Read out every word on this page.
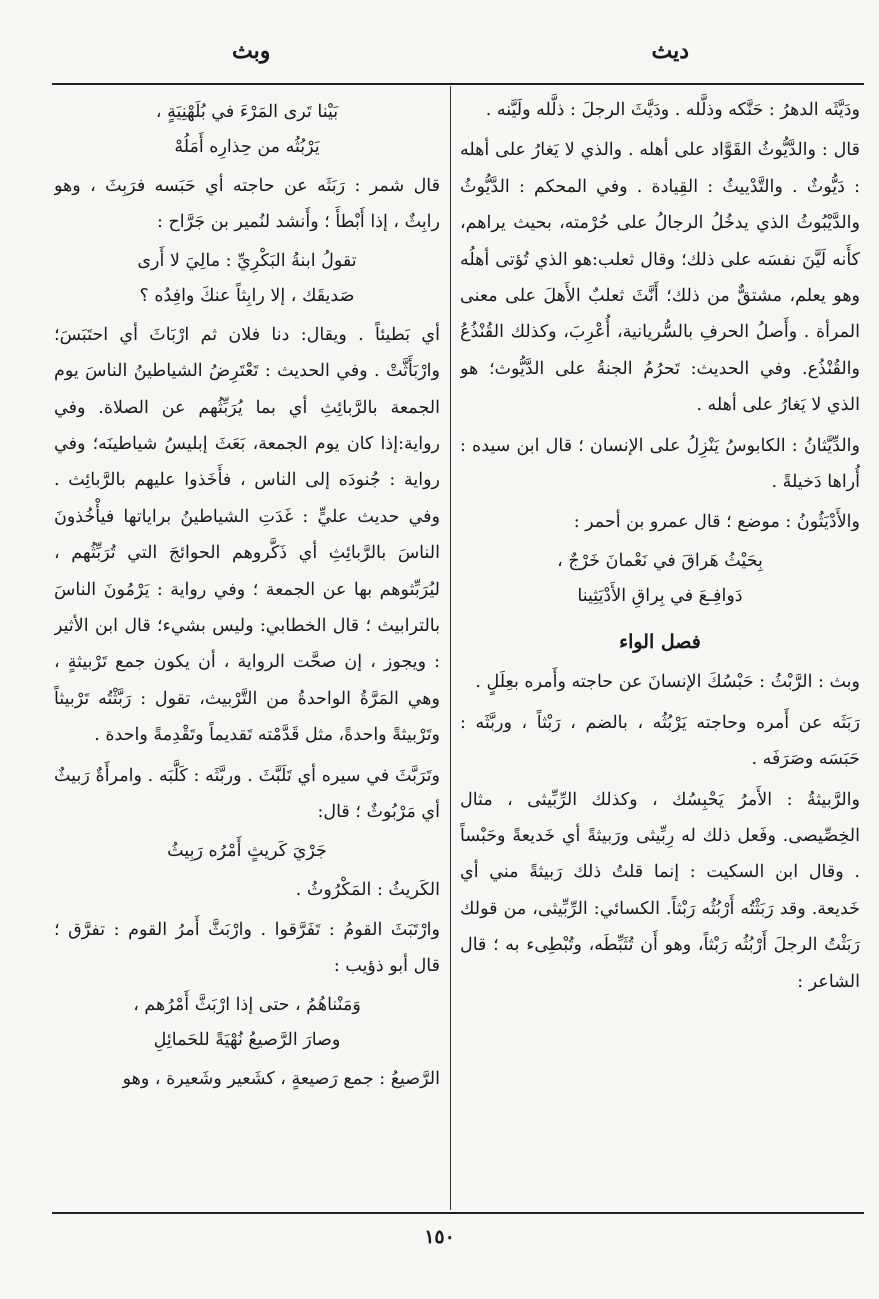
ديث
وبث

ودَيَّثَه الدهرُ : حَنَّكه وذلَّله . ودَيَّثَ الرجلَ : ذلَّله ولَيَّنه .

قال : والدَّيُّوثُ القَوَّاد على أهله . والذي لا يَغارُ على أهله : دَيُّوثٌ . والتَّدْييثُ : القِيادة . وفي المحكم : الدَّيُّوثُ والدَّيْبُوثُ الذي يدخُلُ الرجالُ على حُرْمته، بحيث يراهم، كأَنه لَيَّنَ نفسَه على ذلك؛ وقال ثعلب:هو الذي تُؤتى أهلُه وهو يعلم، مشتقٌّ من ذلك؛ أَنَّثَ ثعلبٌ الأَهلَ على معنى المرأة . وأَصلُ الحرفِ بالسُّريانية، أُعْرِبَ، وكذلك القُنْذُعُ والقُنْذُع. وفي الحديث: تَحرُمُ الجنةُ على الدَّيُّوث؛ هو الذي لا يَغارُ على أهله .

والدِّيَّثانُ : الكابوسُ يَنْزِلُ على الإنسان ؛ قال ابن سيده : أُراها دَخيلةً .

والأَدْيَثُونُ : موضع ؛ قال عمرو بن أحمر :

بِحَيْثُ هَراقَ في نَعْمانَ خَرْجٌ ،
دَوافِـعَ في بِراقِ الأَدْيَثِينا
فصل الواء

وبث : الرَّبْثُ : حَبْسُكَ الإنسانَ عن حاجته وأَمره بعِلَلٍ .

رَبَثَه عن أَمره وحاجته يَرْبُثُه ، بالضم ، رَبْثاً ، وربَّثَه : حَبَسَه وصَرَفَه .

والرَّبيثةُ : الأَمرُ يَحْبِسُك ، وكذلك الرِّبِّيثى ، مثال الخِصِّيصى. وفَعل ذلك له رِبِّيثى ورَبيثةً أي خَديعةً وحَبْساً . وقال ابن السكيت : إنما قلتُ ذلك رَبيثةً مني أي خَديعة. وقد رَبَثْتُه أَرْبُثُه رَبْثاً. الكسائي: الرِّبِّيثى، من قولك رَبَثْتُ الرجلَ أَرْبُثُه رَبْثاً، وهو أَن تُثَبِّطَه، وتُبْطِىء به ؛ قال الشاعر :

بَيْنا تَرى المَرْءَ في بُلَهْنِيَةٍ ،
يَرْبُثُه من حِذارِه أَمَلُهْ

قال شمر : رَبَثَه عن حاجته أي حَبَسه فرَبِثَ ، وهو رابِثٌ ، إذا أَبْطأَ ؛ وأَنشد لنُمير بن جَرَّاح :

تقولُ ابنةُ البَكْرِيِّ : مالِيَ لا أَرى
صَديقَك ، إلا رابِثاً عنكَ وافِدُه ؟

أي بَطيئاً . ويقال: دنا فلان ثم ارْبَاثَ أي احتَبَسَ؛ وارْبَأَثَّتْ . وفي الحديث : تَعْتَرِضُ الشياطينُ الناسَ يوم الجمعة بالرَّبائِثِ أي بما يُرَبِّثُهم عن الصلاة. وفي رواية:إذا كان يوم الجمعة، بَعَثَ إبليسُ شياطينَه؛ وفي رواية : جُنودَه إلى الناس ، فأَخَذوا عليهم بالرَّبائِث . وفي حديث عليٍّ : غَدَتِ الشياطينُ براياتها فيأْخُذونَ الناسَ بالرَّبائِثِ أي ذَكَّروهم الحوائجَ التي تُرَبِّثُهم ، ليُرَبِّثوهم بها عن الجمعة ؛ وفي رواية : يَرْمُونَ الناسَ بالترابيث ؛ قال الخطابي: وليس بشيء؛ قال ابن الأثير : ويجوز ، إن صحَّت الرواية ، أن يكون جمع تَرْبيثةٍ ، وهي المَرَّةُ الواحدةُ من التَّرْبيث، تقول : رَبَّثْتُه تَرْبيثاً وتَرْبيثةً واحدةً، مثل قَدَّمْته تَقديماً وتَقْدِمةً واحدة .

وتَرَبَّثَ في سيره أي تَلَبَّثَ . وربَّثَه : كَلَّبَه . وامرأَةٌ رَبيثٌ أي مَرْبُوثٌ ؛ قال:

جَرْيَ كَريثٍ أَمْرُه رَبِيثُ

الكَريثُ : المَكْرُوثُ .

وارْتَبَثَ القومُ : تَفَرَّقوا . وارْبَثَّ أَمرُ القوم : تفرَّق ؛ قال أبو ذؤيب :

وَمَنْناهُمُ ، حتى إذا ارْبَثَّ أَمْرُهم ،
وصارَ الرَّصيعُ نُهْيَةً للحَمائِلِ

الرَّصيعُ : جمع رَصيعةٍ ، كشَعير وشَعيرة ، وهو

١٥٠
